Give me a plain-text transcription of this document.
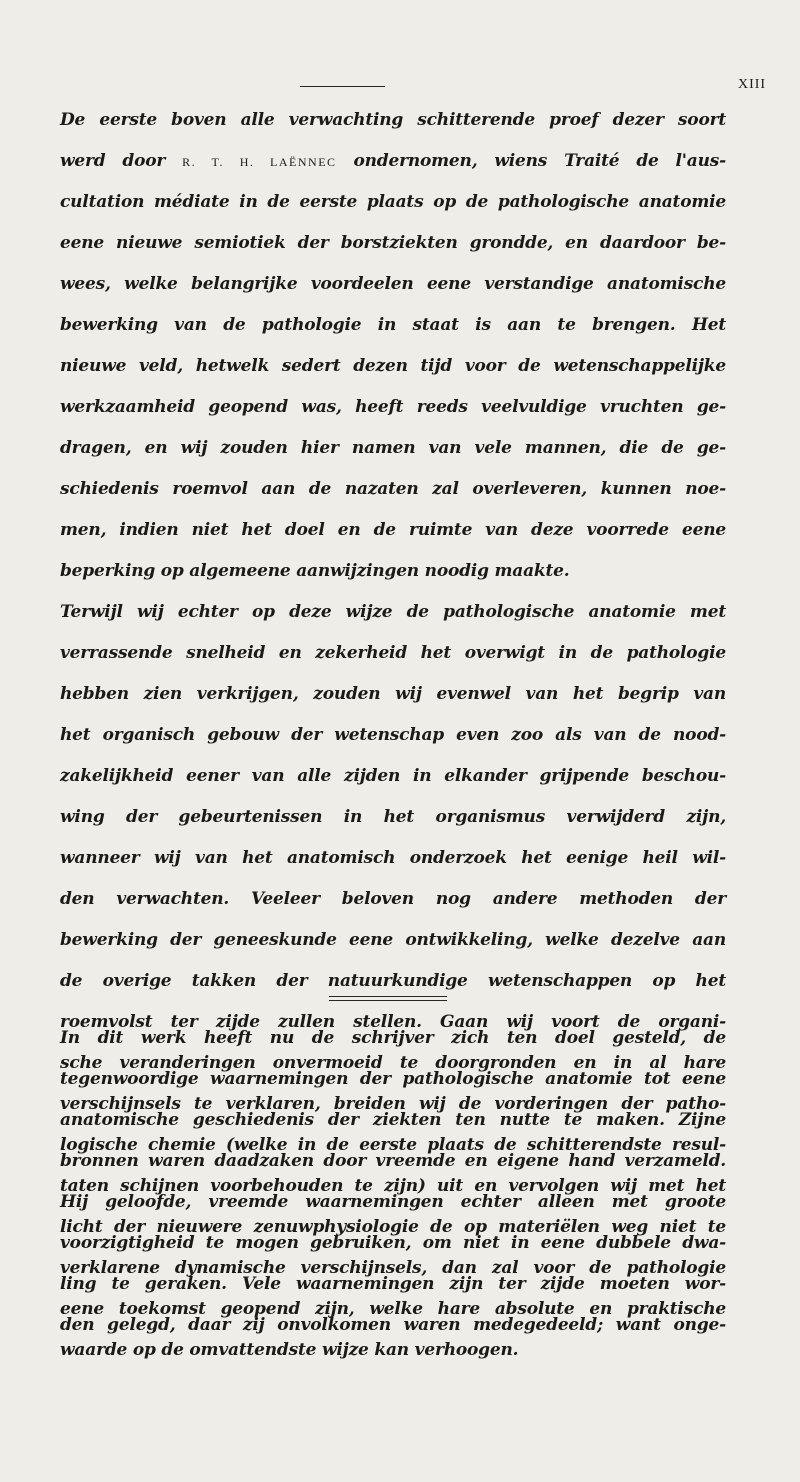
XIII
De eerste boven alle verwachting schitterende proef dezer soort
werd door R. T. H. LAËNNEC ondernomen, wiens Traité de l'aus-
cultation médiate in de eerste plaats op de pathologische anatomie
eene nieuwe semiotiek der borstziekten grondde, en daardoor be-
wees, welke belangrijke voordeelen eene verstandige anatomische
bewerking van de pathologie in staat is aan te brengen. Het
nieuwe veld, hetwelk sedert dezen tijd voor de wetenschappelijke
werkzaamheid geopend was, heeft reeds veelvuldige vruchten ge-
dragen, en wij zouden hier namen van vele mannen, die de ge-
schiedenis roemvol aan de nazaten zal overleveren, kunnen noe-
men, indien niet het doel en de ruimte van deze voorrede eene
beperking op algemeene aanwijzingen noodig maakte.
Terwijl wij echter op deze wijze de pathologische anatomie met
verrassende snelheid en zekerheid het overwigt in de pathologie
hebben zien verkrijgen, zouden wij evenwel van het begrip van
het organisch gebouw der wetenschap even zoo als van de nood-
zakelijkheid eener van alle zijden in elkander grijpende beschou-
wing der gebeurtenissen in het organismus verwijderd zijn,
wanneer wij van het anatomisch onderzoek het eenige heil wil-
den verwachten. Veeleer beloven nog andere methoden der
bewerking der geneeskunde eene ontwikkeling, welke dezelve aan
de overige takken der natuurkundige wetenschappen op het
roemvolst ter zijde zullen stellen. Gaan wij voort de organi-
sche veranderingen onvermoeid te doorgronden en in al hare
verschijnsels te verklaren, breiden wij de vorderingen der patho-
logische chemie (welke in de eerste plaats de schitterendste resul-
taten schijnen voorbehouden te zijn) uit en vervolgen wij met het
licht der nieuwere zenuwphysiologie de op materiëlen weg niet te
verklarene dynamische verschijnsels, dan zal voor de pathologie
eene toekomst geopend zijn, welke hare absolute en praktische
waarde op de omvattendste wijze kan verhoogen.
In dit werk heeft nu de schrijver zich ten doel gesteld, de
tegenwoordige waarnemingen der pathologische anatomie tot eene
anatomische geschiedenis der ziekten ten nutte te maken. Zijne
bronnen waren daadzaken door vreemde en eigene hand verzameld.
Hij geloofde, vreemde waarnemingen echter alleen met groote
voorzigtigheid te mogen gebruiken, om niet in eene dubbele dwa-
ling te geraken. Vele waarnemingen zijn ter zijde moeten wor-
den gelegd, daar zij onvolkomen waren medegedeeld; want onge-
